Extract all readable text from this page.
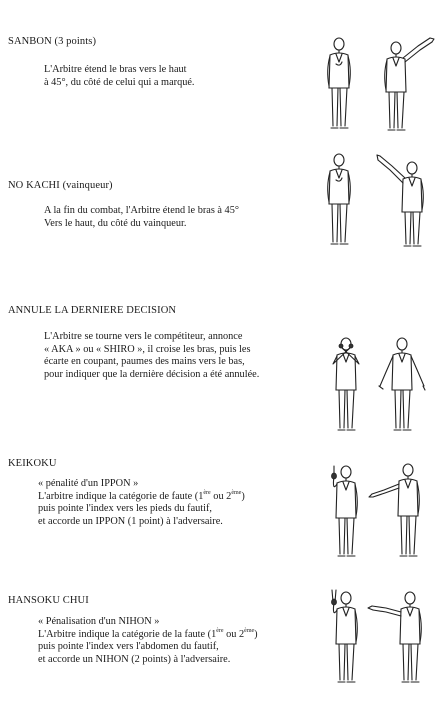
SANBON (3 points)
L'Arbitre étend le bras vers le haut
à 45°, du côté de celui qui a marqué.
NO KACHI (vainqueur)
A la fin du combat, l'Arbitre étend le bras à 45°
Vers le haut, du côté du vainqueur.
ANNULE LA DERNIERE DECISION
L'Arbitre se tourne vers le compétiteur, annonce
« AKA » ou « SHIRO », il croise les bras, puis les
écarte en coupant, paumes des mains vers le bas,
pour indiquer que la dernière décision a été annulée.
KEIKOKU
« pénalité d'un IPPON »
L'arbitre indique la catégorie de faute (1ère ou 2ème)
puis pointe l'index vers les pieds du fautif,
et accorde un IPPON (1 point) à l'adversaire.
HANSOKU CHUI
« Pénalisation d'un NIHON »
L'Arbitre indique la catégorie de la faute (1ère ou 2ème)
puis pointe l'index vers l'abdomen du fautif,
et accorde un NIHON (2 points) à l'adversaire.
